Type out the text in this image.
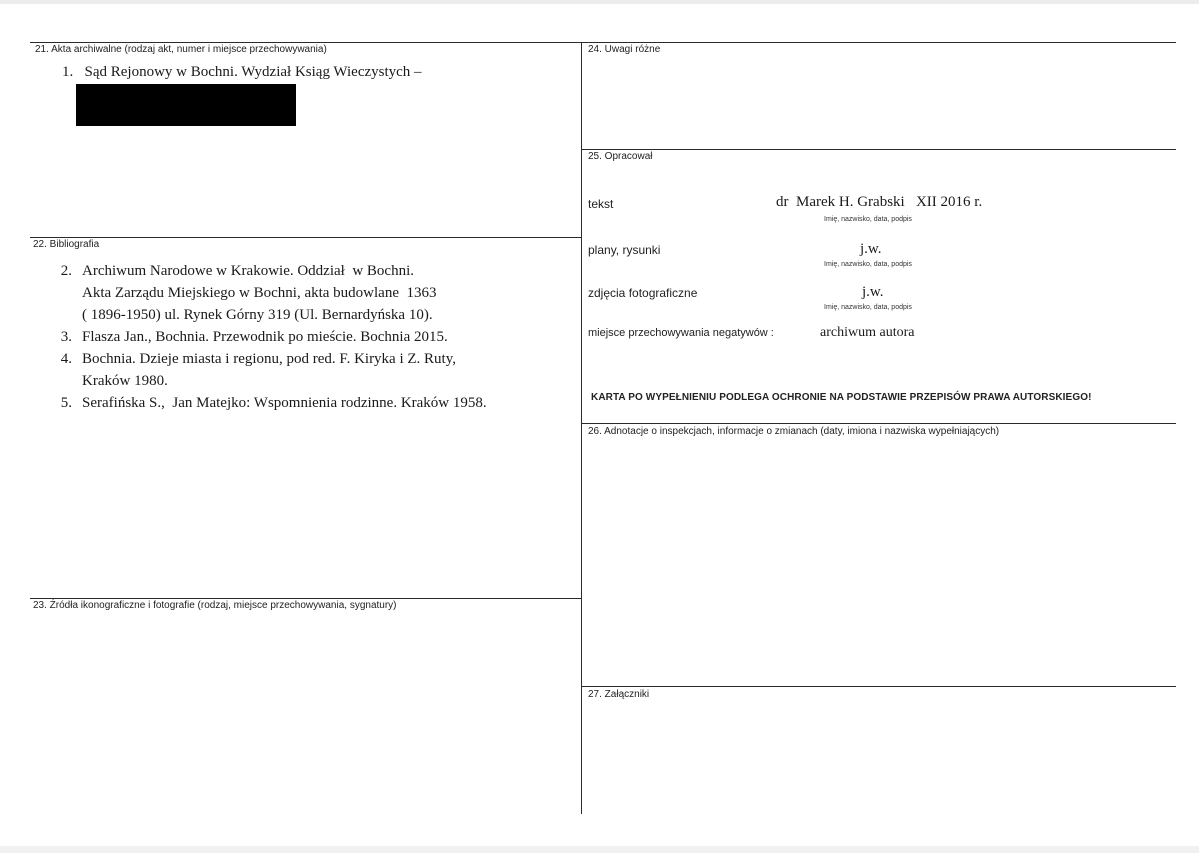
21. Akta archiwalne (rodzaj akt, numer i miejsce przechowywania)
1.   Sąd Rejonowy w Bochni. Wydział Ksiąg Wieczystych –
22. Bibliografia
2. Archiwum Narodowe w Krakowie. Oddział  w Bochni.
Akta Zarządu Miejskiego w Bochni, akta budowlane  1363
( 1896-1950) ul. Rynek Górny 319 (Ul. Bernardyńska 10).
3. Flasza Jan., Bochnia. Przewodnik po mieście. Bochnia 2015.
4. Bochnia. Dzieje miasta i regionu, pod red. F. Kiryka i Z. Ruty,
Kraków 1980.
5. Serafińska S.,  Jan Matejko: Wspomnienia rodzinne. Kraków 1958.
23. Źródła ikonograficzne i fotografie (rodzaj, miejsce przechowywania, sygnatury)
24. Uwagi różne
25. Opracował
tekst	dr  Marek H. Grabski   XII 2016 r.
Imię, nazwisko, data, podpis
plany, rysunki	j.w.
Imię, nazwisko, data, podpis
zdjęcia fotograficzne	j.w.
Imię, nazwisko, data, podpis
miejsce przechowywania negatywów :	archiwum autora
KARTA PO WYPEŁNIENIU PODLEGA OCHRONIE NA PODSTAWIE PRZEPISÓW PRAWA AUTORSKIEGO!
26. Adnotacje o inspekcjach, informacje o zmianach (daty, imiona i nazwiska wypełniających)
27. Załączniki
